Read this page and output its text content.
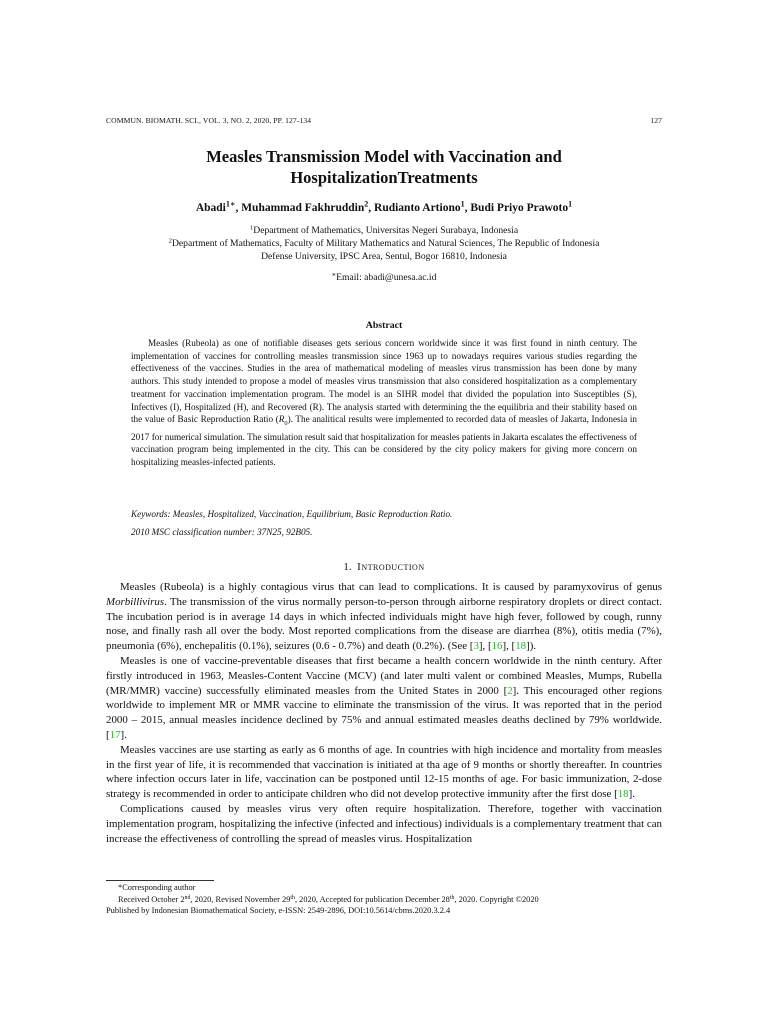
COMMUN. BIOMATH. SCI., VOL. 3, NO. 2, 2020, PP. 127-134	127
Measles Transmission Model with Vaccination and
HospitalizationTreatments
Abadi$^{1∗}$, Muhammad Fakhruddin$^2$, Rudianto Artiono$^1$, Budi Priyo Prawoto$^1$
$^1$Department of Mathematics, Universitas Negeri Surabaya, Indonesia
$^2$Department of Mathematics, Faculty of Military Mathematics and Natural Sciences, The Republic of Indonesia
Defense University, IPSC Area, Sentul, Bogor 16810, Indonesia
∗Email: abadi@unesa.ac.id
Abstract

Measles (Rubeola) as one of notifiable diseases gets serious concern worldwide since it was first found in ninth century. The implementation of vaccines for controlling measles transmission since 1963 up to nowadays requires various studies regarding the effectiveness of the vaccines. Studies in the area of mathematical modeling of measles virus transmission has been done by many authors. This study intended to propose a model of measles virus transmission that also considered hospitalization as a complementary treatment for vaccination implementation program. The model is an SIHR model that divided the population into Susceptibles (S), Infectives (I), Hospitalized (H), and Recovered (R). The analysis started with determining the the equilibria and their stability based on the value of Basic Reproduction Ratio $(R_0)$. The analitical results were implemented to recorded data of measles of Jakarta, Indonesia in 2017 for numerical simulation. The simulation result said that hospitalization for measles patients in Jakarta escalates the effectiveness of vaccination program being implemented in the city. This can be considered by the city policy makers for giving more concern on hospitalizing measles-infected patients.

Keywords: Measles, Hospitalized, Vaccination, Equilibrium, Basic Reproduction Ratio.
2010 MSC classification number: 37N25, 92B05.
1. Introduction

Measles (Rubeola) is a highly contagious virus that can lead to complications. It is caused by paramyxovirus of genus Morbillivirus. The transmission of the virus normally person-to-person through airborne respiratory droplets or direct contact. The incubation period is in average 14 days in which infected individuals might have high fever, followed by cough, runny nose, and finally rash all over the body. Most reported complications from the disease are diarrhea (8%), otitis media (7%), pneumonia (6%), enchepalitis (0.1%), seizures (0.6 - 0.7%) and death (0.2%). (See [3], [16], [18]).

Measles is one of vaccine-preventable diseases that first became a health concern worldwide in the ninth century. After firstly introduced in 1963, Measles-Content Vaccine (MCV) (and later multi valent or combined Measles, Mumps, Rubella (MR/MMR) vaccine) successfully eliminated measles from the United States in 2000 [2]. This encouraged other regions worldwide to implement MR or MMR vaccine to eliminate the transmission of the virus. It was reported that in the period 2000 – 2015, annual measles incidence declined by 75% and annual estimated measles deaths declined by 79% worldwide. [17].

Measles vaccines are use starting as early as 6 months of age. In countries with high incidence and mortality from measles in the first year of life, it is recommended that vaccination is initiated at tha age of 9 months or shortly thereafter. In countries where infection occurs later in life, vaccination can be postponed until 12-15 months of age. For basic immunization, 2-dose strategy is recommended in order to anticipate children who did not develop protective immunity after the first dose [18].

Complications caused by measles virus very often require hospitalization. Therefore, together with vaccination implementation program, hospitalizing the infective (infected and infectious) individuals is a complementary treatment that can increase the effectiveness of controlling the spread of measles virus. Hospitalization

*Corresponding author
Received October 2nd, 2020, Revised November 29th, 2020, Accepted for publication December 28th, 2020. Copyright ©2020
Published by Indonesian Biomathematical Society, e-ISSN: 2549-2896, DOI:10.5614/cbms.2020.3.2.4
